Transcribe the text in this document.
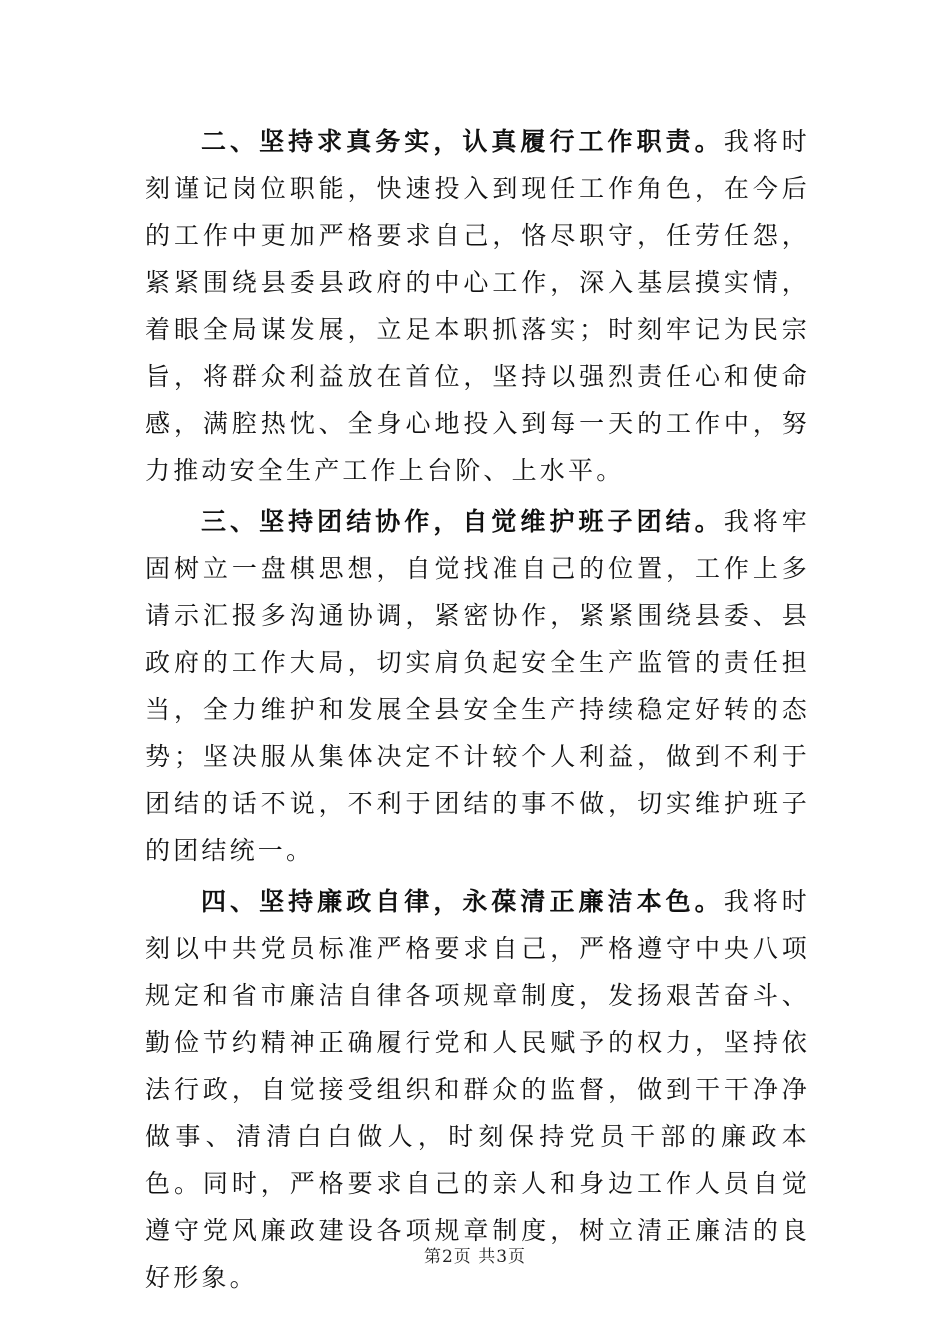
二、坚持求真务实，认真履行工作职责。我将时刻谨记岗位职能，快速投入到现任工作角色，在今后的工作中更加严格要求自己，恪尽职守，任劳任怨，紧紧围绕县委县政府的中心工作，深入基层摸实情，着眼全局谋发展，立足本职抓落实；时刻牢记为民宗旨，将群众利益放在首位，坚持以强烈责任心和使命感，满腔热忱、全身心地投入到每一天的工作中，努力推动安全生产工作上台阶、上水平。

三、坚持团结协作，自觉维护班子团结。我将牢固树立一盘棋思想，自觉找准自己的位置，工作上多请示汇报多沟通协调，紧密协作，紧紧围绕县委、县政府的工作大局，切实肩负起安全生产监管的责任担当，全力维护和发展全县安全生产持续稳定好转的态势；坚决服从集体决定不计较个人利益，做到不利于团结的话不说，不利于团结的事不做，切实维护班子的团结统一。

四、坚持廉政自律，永葆清正廉洁本色。我将时刻以中共党员标准严格要求自己，严格遵守中央八项规定和省市廉洁自律各项规章制度，发扬艰苦奋斗、勤俭节约精神正确履行党和人民赋予的权力，坚持依法行政，自觉接受组织和群众的监督，做到干干净净做事、清清白白做人，时刻保持党员干部的廉政本色。同时，严格要求自己的亲人和身边工作人员自觉遵守党风廉政建设各项规章制度，树立清正廉洁的良好形象。

第2页 共3页
